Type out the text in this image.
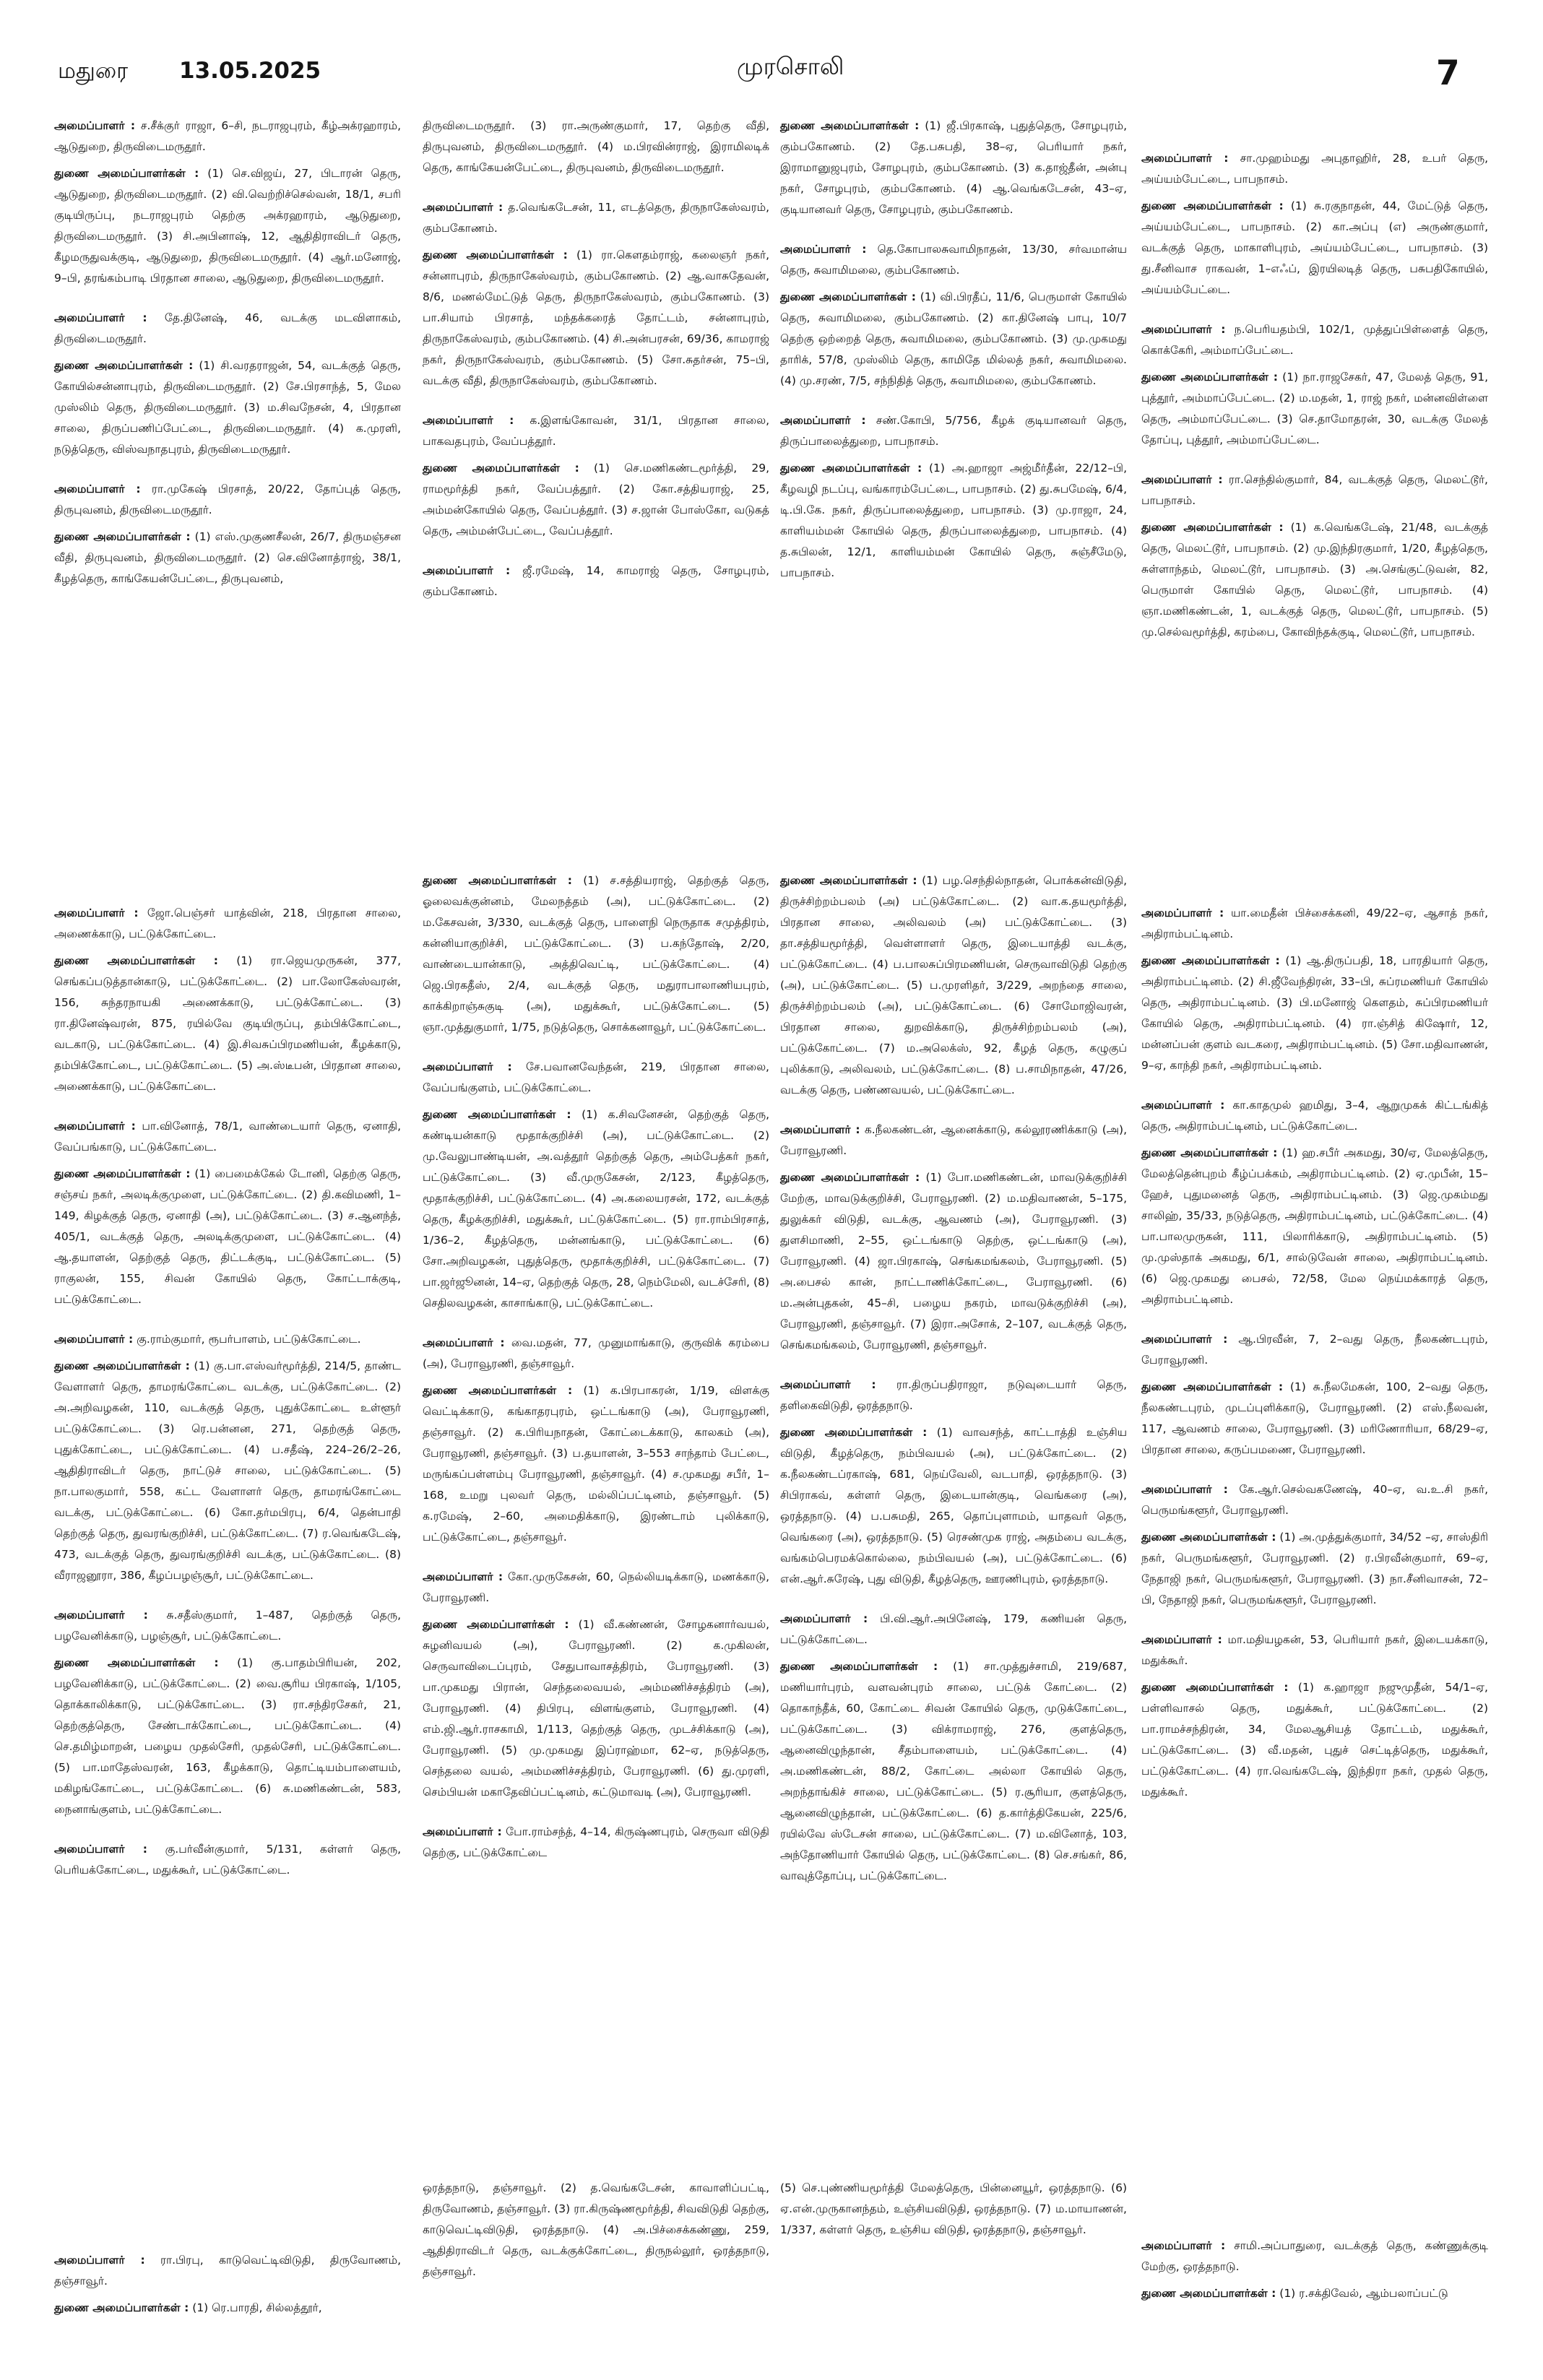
மதுரை 13.05.2025	முரசொலி	7

அமைப்பாளர் : ச.சீக்குர் ராஜா, 6–சி, நடராஜபுரம், கீழ்அக்ரஹாரம், ஆடுதுறை, திருவிடைமருதூர்.

துணை அமைப்பாளர்கள் : (1) செ.விஜய், 27, பிடாரன் தெரு, ஆடுதுறை, திருவிடைமருதூர். (2) வி.வெற்றிச்செல்வன், 18/1, சபரி குடியிருப்பு, நடராஜபுரம் தெற்கு அக்ரஹாரம், ஆடுதுறை, திருவிடைமருதூர். (3) சி.அபினாஷ், 12, ஆதிதிராவிடர் தெரு, கீழமருதுவக்குடி, ஆடுதுறை, திருவிடைமருதூர். (4) ஆர்.மனோஜ், 9–பி, தரங்கம்பாடி பிரதான சாலை, ஆடுதுறை, திருவிடைமருதூர்.

அமைப்பாளர் : தே.தினேஷ், 46, வடக்கு மடவிளாகம், திருவிடைமருதூர்.

துணை அமைப்பாளர்கள் : (1) சி.வரதராஜன், 54, வடக்குத் தெரு, கோயில்சன்னாபுரம், திருவிடைமருதூர். (2) சே.பிரசாந்த், 5, மேல முஸ்லிம் தெரு, திருவிடைமருதூர். (3) ம.சிவநேசன், 4, பிரதான சாலை, திருப்பணிப்பேட்டை, திருவிடைமருதூர். (4) க.முரளி, நடுத்தெரு, விஸ்வநாதபுரம், திருவிடைமருதூர்.

அமைப்பாளர் : ரா.முகேஷ் பிரசாத், 20/22, தோப்புத் தெரு, திருபுவனம், திருவிடைமருதூர்.

துணை அமைப்பாளர்கள் : (1) எஸ்.முகுணசீலன், 26/7, திருமஞ்சன வீதி, திருபுவனம், திருவிடைமருதூர். (2) செ.வினோத்ராஜ், 38/1, கீழத்தெரு, காங்கேயன்பேட்டை, திருபுவனம்,

திருவிடைமருதூர். (3) ரா.அருண்குமார், 17, தெற்கு வீதி, திருபுவனம், திருவிடைமருதூர். (4) ம.பிரவின்ராஜ், இராமிலடிக் தெரு, காங்கேயன்பேட்டை, திருபுவனம், திருவிடைமருதூர்.

அமைப்பாளர் : த.வெங்கடேசன், 11, எடத்தெரு, திருநாகேஸ்வரம், கும்பகோணம்.

துணை அமைப்பாளர்கள் : (1) ரா.கௌதம்ராஜ், கலைஞர் நகர், சன்னாபுரம், திருநாகேஸ்வரம், கும்பகோணம். (2) ஆ.வாசுதேவன், 8/6, மணல்மேட்டுத் தெரு, திருநாகேஸ்வரம், கும்பகோணம். (3) பா.சியாம் பிரசாத், மந்தக்கரைத் தோட்டம், சன்னாபுரம், திருநாகேஸ்வரம், கும்பகோணம். (4) சி.அன்பரசன், 69/36, காமராஜ் நகர், திருநாகேஸ்வரம், கும்பகோணம். (5) சோ.சுதர்சன், 75–பி, வடக்கு வீதி, திருநாகேஸ்வரம், கும்பகோணம்.

அமைப்பாளர் : க.இளங்கோவன், 31/1, பிரதான சாலை, பாகவதபுரம், வேப்பத்தூர்.

துணை அமைப்பாளர்கள் : (1) செ.மணிகண்டமூர்த்தி, 29, ராமமூர்த்தி நகர், வேப்பத்தூர். (2) கோ.சத்தியராஜ், 25, அம்மன்கோயில் தெரு, வேப்பத்தூர். (3) ச.ஜான் போஸ்கோ, வடுகத் தெரு, அம்மன்பேட்டை, வேப்பத்தூர்.

அமைப்பாளர் : ஜீ.ரமேஷ், 14, காமராஜ் தெரு, சோழபுரம், கும்பகோணம்.

துணை அமைப்பாளர்கள் : (1) ஜீ.பிரகாஷ், புதுத்தெரு, சோழபுரம், கும்பகோணம். (2) தே.பசுபதி, 38–ஏ, பெரியார் நகர், இராமானுஜபுரம், சோழபுரம், கும்பகோணம். (3) க.தாஜ்தீன், அன்பு நகர், சோழபுரம், கும்பகோணம். (4) ஆ.வெங்கடேசன், 43–ஏ, குடியானவர் தெரு, சோழபுரம், கும்பகோணம்.

அமைப்பாளர் : தெ.கோபாலசுவாமிநாதன், 13/30, சர்வமான்ய தெரு, சுவாமிமலை, கும்பகோணம்.

துணை அமைப்பாளர்கள் : (1) வி.பிரதீப், 11/6, பெருமாள் கோயில் தெரு, சுவாமிமலை, கும்பகோணம். (2) கா.தினேஷ் பாபு, 10/7 தெற்கு ஒற்றைத் தெரு, சுவாமிமலை, கும்பகோணம். (3) மு.முகமது தாரிக், 57/8, முஸ்லிம் தெரு, காமிதே மில்லத் நகர், சுவாமிமலை. (4) மு.சரண், 7/5, சந்நிதித் தெரு, சுவாமிமலை, கும்பகோணம்.

அமைப்பாளர் : சண்.கோபி, 5/756, கீழக் குடியானவர் தெரு, திருப்பாலைத்துறை, பாபநாசம்.

துணை அமைப்பாளர்கள் : (1) அ.ஹாஜா அஜ்மீர்தீன், 22/12–பி, கீழவழி நடப்பு, வங்காரம்பேட்டை, பாபநாசம். (2) து.சுபமேஷ், 6/4, டி.பி.கே. நகர், திருப்பாலைத்துறை, பாபநாசம். (3) மு.ராஜா, 24, காளியம்மன் கோயில் தெரு, திருப்பாலைத்துறை, பாபநாசம். (4) த.சுபிலன், 12/1, காளியம்மன் கோயில் தெரு, சுஞ்சீமேடு, பாபநாசம்.

அமைப்பாளர் : சா.முஹம்மது அபுதாஹிர், 28, உபர் தெரு, அய்யம்பேட்டை, பாபநாசம்.

துணை அமைப்பாளர்கள் : (1) சு.ரகுநாதன், 44, மேட்டுத் தெரு, அய்யம்பேட்டை, பாபநாசம். (2) கா.அப்பு (எ) அருண்குமார், வடக்குத் தெரு, மாகாளிபுரம், அய்யம்பேட்டை, பாபநாசம். (3) து.சீனிவாச ராகவன், 1–எஃப், இரயிலடித் தெரு, பசுபதிகோயில், அய்யம்பேட்டை.

அமைப்பாளர் : ந.பெரியதம்பி, 102/1, முத்துப்பிள்ளைத் தெரு, கொக்கேரி, அம்மாப்பேட்டை.

துணை அமைப்பாளர்கள் : (1) நா.ராஜசேகர், 47, மேலத் தெரு, 91, புத்தூர், அம்மாப்பேட்டை. (2) ம.மதன், 1, ராஜ் நகர், மன்னவிள்ளை தெரு, அம்மாப்பேட்டை. (3) செ.தாமோதரன், 30, வடக்கு மேலத் தோப்பு, புத்தூர், அம்மாப்பேட்டை.

அமைப்பாளர் : ரா.செந்தில்குமார், 84, வடக்குத் தெரு, மெலட்டூர், பாபநாசம்.

துணை அமைப்பாளர்கள் : (1) க.வெங்கடேஷ், 21/48, வடக்குத் தெரு, மெலட்டூர், பாபநாசம். (2) மு.இந்திரகுமார், 1/20, கீழத்தெரு, சுள்ளாந்தம், மெலட்டூர், பாபநாசம். (3) அ.செங்குட்டுவன், 82, பெருமாள் கோயில் தெரு, மெலட்டூர், பாபநாசம். (4) ஞா.மணிகண்டன், 1, வடக்குத் தெரு, மெலட்டூர், பாபநாசம். (5) மு.செல்வமூர்த்தி, கரம்பை, கோவிந்தக்குடி, மெலட்டூர், பாபநாசம்.

அமைப்பாளர் : ஜோ.பெஞ்சர் யாத்வின், 218, பிரதான சாலை, அணைக்காடு, பட்டுக்கோட்டை.

துணை அமைப்பாளர்கள் : (1) ரா.ஜெயமுருகன், 377, செங்கப்படுத்தான்காடு, பட்டுக்கோட்டை. (2) பா.லோகேஸ்வரன், 156, சுந்தரநாயகி அணைக்காடு, பட்டுக்கோட்டை. (3) ரா.தினேஷ்வரன், 875, ரயில்வே குடியிருப்பு, தம்பிக்கோட்டை, வடகாடு, பட்டுக்கோட்டை. (4) இ.சிவசுப்பிரமணியன், கீழக்காடு, தம்பிக்கோட்டை, பட்டுக்கோட்டை. (5) அ.ஸ்டீபன், பிரதான சாலை, அணைக்காடு, பட்டுக்கோட்டை.

அமைப்பாளர் : பா.வினோத், 78/1, வாண்டையார் தெரு, ஏனாதி, வேப்பங்காடு, பட்டுக்கோட்டை.

துணை அமைப்பாளர்கள் : (1) பைமைக்கேல் டோனி, தெற்கு தெரு, சஞ்சய் நகர், அலடிக்குமுளை, பட்டுக்கோட்டை. (2) தி.கவிமணி, 1–149, கிழக்குத் தெரு, ஏனாதி (அ), பட்டுக்கோட்டை. (3) ச.ஆனந்த், 405/1, வடக்குத் தெரு, அலடிக்குமுளை, பட்டுக்கோட்டை. (4) ஆ.தயாளன், தெற்குத் தெரு, திட்டக்குடி, பட்டுக்கோட்டை. (5) ராகுலன், 155, சிவன் கோயில் தெரு, கோட்டாக்குடி, பட்டுக்கோட்டை.

அமைப்பாளர் : கு.ராம்குமார், ரூபர்பாளம், பட்டுக்கோட்டை.

துணை அமைப்பாளர்கள் : (1) கு.பா.எஸ்வர்மூர்த்தி, 214/5, தாண்ட வேளாளர் தெரு, தாமரங்கோட்டை வடக்கு, பட்டுக்கோட்டை. (2) அ.அறிவழகன், 110, வடக்குத் தெரு, புதுக்கோட்டை உள்ளூர் பட்டுக்கோட்டை. (3) ரெ.பன்னன, 271, தெற்குத் தெரு, புதுக்கோட்டை, பட்டுக்கோட்டை. (4) ப.சதீஷ், 224–26/2–26, ஆதிதிராவிடர் தெரு, நாட்டுச் சாலை, பட்டுக்கோட்டை. (5) நா.பாலகுமார், 558, கட்ட வேளாளர் தெரு, தாமரங்கோட்டை வடக்கு, பட்டுக்கோட்டை. (6) கோ.தர்மபிரபு, 6/4, தென்பாதி தெற்குத் தெரு, துவரங்குறிச்சி, பட்டுக்கோட்டை. (7) ர.வெங்கடேஷ், 473, வடக்குத் தெரு, துவரங்குறிச்சி வடக்கு, பட்டுக்கோட்டை. (8) வீராஜனூரா, 386, கீழப்பழஞ்சூர், பட்டுக்கோட்டை.

அமைப்பாளர் : சு.சதீஸ்குமார், 1–487, தெற்குத் தெரு, பழவேனிக்காடு, பழஞ்சூர், பட்டுக்கோட்டை.

துணை அமைப்பாளர்கள் : (1) கு.பாதம்பிரியன், 202, பழவேனிக்காடு, பட்டுக்கோட்டை. (2) வை.சூரிய பிரகாஷ், 1/105, தொக்காலிக்காடு, பட்டுக்கோட்டை. (3) ரா.சந்திரசேகர், 21, தெற்குத்தெரு, சேண்டாக்கோட்டை, பட்டுக்கோட்டை. (4) செ.தமிழ்மாறன், பழைய முதல்சேரி, முதல்சேரி, பட்டுக்கோட்டை. (5) பா.மாதேஸ்வரன், 163, கீழக்காடு, தொட்டியம்பாளையம், மகிழங்கோட்டை, பட்டுக்கோட்டை. (6) சு.மணிகண்டன், 583, நைனாங்குளம், பட்டுக்கோட்டை.

அமைப்பாளர் : கு.பர்வீன்குமார், 5/131, கள்ளர் தெரு, பெரியக்கோட்டை, மதுக்கூர், பட்டுக்கோட்டை.

துணை அமைப்பாளர்கள் : (1) ச.சத்தியராஜ், தெற்குத் தெரு, ஓலைவக்குன்னம், மேலநத்தம் (அ), பட்டுக்கோட்டை. (2) ம.கேசவன், 3/330, வடக்குத் தெரு, பாளைநி நெருதாக சமுத்திரம், கன்னியாகுறிச்சி, பட்டுக்கோட்டை. (3) ப.கந்தோஷ், 2/20, வாண்டையான்காடு, அத்திவெட்டி, பட்டுக்கோட்டை. (4) ஜெ.பிரகதீஸ், 2/4, வடக்குத் தெரு, மதுராபாலாணியபுரம், காக்கிறாஞ்சுகுடி (அ), மதுக்கூர், பட்டுக்கோட்டை. (5) ஞா.முத்துகுமார், 1/75, நடுத்தெரு, சொக்கனாவூர், பட்டுக்கோட்டை.

அமைப்பாளர் : சே.பவானவேந்தன், 219, பிரதான சாலை, வேப்பங்குளம், பட்டுக்கோட்டை.

துணை அமைப்பாளர்கள் : (1) க.சிவனேசன், தெற்குத் தெரு, கண்டியன்காடு மூதாக்குறிச்சி (அ), பட்டுக்கோட்டை. (2) மு.வேலுபாண்டியன், அ.வத்தூர் தெற்குத் தெரு, அம்பேத்கர் நகர், பட்டுக்கோட்டை. (3) வீ.முருகேசன், 2/123, கீழத்தெரு, மூதாக்குறிச்சி, பட்டுக்கோட்டை. (4) அ.கலையரசன், 172, வடக்குத் தெரு, கீழக்குறிச்சி, மதுக்கூர், பட்டுக்கோட்டை. (5) ரா.ராம்பிரசாத், 1/36–2, கீழத்தெரு, மன்னங்காடு, பட்டுக்கோட்டை. (6) சோ.அறிவழகன், புதுத்தெரு, மூதாக்குறிச்சி, பட்டுக்கோட்டை. (7) பா.ஜர்ஜூனன், 14–ஏ, தெற்குத் தெரு, 28, நெம்மேலி, வடச்சேரி, (8) செதிலவழகன், காசாங்காடு, பட்டுக்கோட்டை.

அமைப்பாளர் : வை.மதன், 77, முனுமாங்காடு, குருவிக் கரம்பை (அ), பேராவூரணி, தஞ்சாவூர்.

துணை அமைப்பாளர்கள் : (1) க.பிரபாகரன், 1/19, விளக்கு வெட்டிக்காடு, கங்காதரபுரம், ஒட்டங்காடு (அ), பேராவூரணி, தஞ்சாவூர். (2) க.பிரியநாதன், கோட்டைக்காடு, காலகம் (அ), பேராவூரணி, தஞ்சாவூர். (3) ப.தயாளன், 3–553 சாந்தாம் பேட்டை, மருங்கப்பள்ளம்பு பேராவூரணி, தஞ்சாவூர். (4) ச.முகமது சபீர், 1–168, உமறு புலவர் தெரு, மல்லிப்பட்டினம், தஞ்சாவூர். (5) க.ரமேஷ், 2–60, அமைதிக்காடு, இரண்டாம் புலிக்காடு, பட்டுக்கோட்டை, தஞ்சாவூர்.

அமைப்பாளர் : கோ.முருகேசன், 60, நெல்லியடிக்காடு, மணக்காடு, பேராவூரணி.

துணை அமைப்பாளர்கள் : (1) வீ.கண்ணன், சோழகனார்வயல், சுழனிவயல் (அ), பேராவூரணி. (2) க.முகிலன், செருவாவிடைப்புரம், சேதுபாவாசத்திரம், பேராவூரணி. (3) பா.முகமது பிரான், செந்தலைவயல், அம்மணிச்சத்திரம் (அ), பேராவூரணி. (4) திபிரபு, விளங்குளம், பேராவூரணி. (4) எம்.ஜி.ஆர்.ராசகாமி, 1/113, தெற்குத் தெரு, முடச்சிக்காடு (அ), பேராவூரணி. (5) மு.முகமது இப்ராஹ்மா, 62–ஏ, நடுத்தெரு, செந்தலை வயல், அம்மணிச்சத்திரம், பேராவூரணி. (6) து.முரளி, செம்பியன் மகாதேவிப்பட்டினம், கட்டுமாவடி (அ), பேராவூரணி.

அமைப்பாளர் : போ.ராம்சந்த், 4–14, கிருஷ்ணபுரம், செருவா விடுதி தெற்கு, பட்டுக்கோட்டை

துணை அமைப்பாளர்கள் : (1) பழ.செந்தில்நாதன், பொக்கன்விடுதி, திருச்சிற்றம்பலம் (அ) பட்டுக்கோட்டை. (2) வா.க.தயமூர்த்தி, பிரதான சாலை, அலிவலம் (அ) பட்டுக்கோட்டை. (3) தா.சத்தியமூர்த்தி, வெள்ளாளர் தெரு, இடையாத்தி வடக்கு, பட்டுக்கோட்டை. (4) ப.பாலசுப்பிரமணியன், செருவாவிடுதி தெற்கு (அ), பட்டுக்கோட்டை. (5) ப.முரளிதர், 3/229, அறந்தை சாலை, திருச்சிற்றம்பலம் (அ), பட்டுக்கோட்டை. (6) சோமோஜிவரன், பிரதான சாலை, துறவிக்காடு, திருச்சிற்றம்பலம் (அ), பட்டுக்கோட்டை. (7) ம.அலெக்ஸ், 92, கீழத் தெரு, கழுகுப் புலிக்காடு, அலிவலம், பட்டுக்கோட்டை. (8) ப.சாமிநாதன், 47/26, வடக்கு தெரு, பண்ணவயல், பட்டுக்கோட்டை.

அமைப்பாளர் : க.நீலகண்டன், ஆனைக்காடு, கல்லூரணிக்காடு (அ), பேராவூரணி.

துணை அமைப்பாளர்கள் : (1) போ.மணிகண்டன், மாவடுக்குறிச்சி மேற்கு, மாவடுக்குறிச்சி, பேராவூரணி. (2) ம.மதிவாணன், 5–175, துலுக்கர் விடுதி, வடக்கு, ஆவணம் (அ), பேராவூரணி. (3) துளசிமாணி, 2–55, ஒட்டங்காடு தெற்கு, ஒட்டங்காடு (அ), பேராவூரணி. (4) ஜா.பிரகாஷ், செங்கமங்கலம், பேராவூரணி. (5) அ.பைசல் கான், நாட்டாணிக்கோட்டை, பேராவூரணி. (6) ம.அன்புதகன், 45–சி, பழைய நகரம், மாவடுக்குறிச்சி (அ), பேராவூரணி, தஞ்சாவூர். (7) இரா.அசோக், 2–107, வடக்குத் தெரு, செங்கமங்கலம், பேராவூரணி, தஞ்சாவூர்.

அமைப்பாளர் : ரா.திருப்பதிராஜா, நடுவுடையார் தெரு, தளிகைவிடுதி, ஒரத்தநாடு.

துணை அமைப்பாளர்கள் : (1) வாவசந்த், காட்டாத்தி உஞ்சிய விடுதி, கீழத்தெரு, நம்பிவயல் (அ), பட்டுக்கோட்டை. (2) க.நீலகண்டப்ரகாஷ், 681, நெய்வேலி, வடபாதி, ஒரத்தநாடு. (3) சிபிராகவ், கள்ளர் தெரு, இடையான்குடி, வெங்கரை (அ), ஒரத்தநாடு. (4) ப.பசுமதி, 265, தொப்புளாமம், யாதவர் தெரு, வெங்கரை (அ), ஒரத்தநாடு. (5) ரெசண்முக ராஜ், அதம்பை வடக்கு, வங்கம்பெரமக்கொல்லை, நம்பிவயல் (அ), பட்டுக்கோட்டை. (6) என்.ஆர்.சுரேஷ், புது விடுதி, கீழத்தெரு, ஊரணிபுரம், ஒரத்தநாடு.

அமைப்பாளர் : பி.வி.ஆர்.அபினேஷ், 179, கணியன் தெரு, பட்டுக்கோட்டை.

துணை அமைப்பாளர்கள் : (1) சா.முத்துச்சாமி, 219/687, மணியார்புரம், வளவன்புரம் சாலை, பட்டுக் கோட்டை. (2) தொகாந்தீக், 60, கோட்டை சிவன் கோயில் தெரு, முடுக்கோட்டை, பட்டுக்கோட்டை. (3) விக்ராமராஜ், 276, குளத்தெரு, ஆனைவிழுந்தான், சீதம்பாளையம், பட்டுக்கோட்டை. (4) அ.மணிகண்டன், 88/2, கோட்டை அல்லா கோயில் தெரு, அறந்தாங்கிச் சாலை, பட்டுக்கோட்டை. (5) ர.சூரியா, குளத்தெரு, ஆனைவிழுந்தான், பட்டுக்கோட்டை. (6) த.கார்த்திகேயன், 225/6, ரயில்வே ஸ்டேசன் சாலை, பட்டுக்கோட்டை. (7) ம.வினோத், 103, அந்தோணியார் கோயில் தெரு, பட்டுக்கோட்டை. (8) செ.சங்கர், 86, வாவுத்தோப்பு, பட்டுக்கோட்டை.

அமைப்பாளர் : யா.மைதீன் பிச்சைக்கனி, 49/22–ஏ, ஆசாத் நகர், அதிராம்பட்டினம்.

துணை அமைப்பாளர்கள் : (1) ஆ.திருப்பதி, 18, பாரதியார் தெரு, அதிராம்பட்டினம். (2) சி.ஜீவேந்திரன், 33–பி, சுப்ரமணியர் கோயில் தெரு, அதிராம்பட்டினம். (3) பி.மனோஜ் கௌதம், சுப்பிரமணியர் கோயில் தெரு, அதிராம்பட்டினம். (4) ரா.ஞ்சித் கிஷோர், 12, மன்னப்பன் குளம் வடகரை, அதிராம்பட்டினம். (5) சோ.மதிவாணன், 9–ஏ, காந்தி நகர், அதிராம்பட்டினம்.

அமைப்பாளர் : கா.காதமுல் ஹமிது, 3–4, ஆறுமுகக் கிட்டங்கித் தெரு, அதிராம்பட்டினம், பட்டுக்கோட்டை.

துணை அமைப்பாளர்கள் : (1) ஹ.சபீர் அகமது, 30/ஏ, மேலத்தெரு, மேலத்தென்புறம் கீழ்ப்பக்கம், அதிராம்பட்டினம். (2) ஏ.முபீன், 15–ஹேச், புதுமனைத் தெரு, அதிராம்பட்டினம். (3) ஜெ.முகம்மது சாலிஹ், 35/33, நடுத்தெரு, அதிராம்பட்டினம், பட்டுக்கோட்டை. (4) பா.பாலமுருகன், 111, பிலாரிக்காடு, அதிராம்பட்டினம். (5) மு.முஸ்தாக் அகமது, 6/1, சால்டுவேன் சாலை, அதிராம்பட்டினம். (6) ஜெ.முகமது பைசல், 72/58, மேல நெய்மக்காரத் தெரு, அதிராம்பட்டினம்.

அமைப்பாளர் : ஆ.பிரவீன், 7, 2–வது தெரு, நீலகண்டபுரம், பேராவூரணி.

துணை அமைப்பாளர்கள் : (1) சு.நீலமேகன், 100, 2–வது தெரு, நீலகண்டபுரம், முடப்புளிக்காடு, பேராவூரணி. (2) எஸ்.நீலவன், 117, ஆவணம் சாலை, பேராவூரணி. (3) மரிணோரியா, 68/29–ஏ, பிரதான சாலை, கருப்பமணை, பேராவூரணி.

அமைப்பாளர் : கே.ஆர்.செல்வகணேஷ், 40–ஏ, வ.உ.சி நகர், பெருமங்களூர், பேராவூரணி.

துணை அமைப்பாளர்கள் : (1) அ.முத்துக்குமார், 34/52 –ஏ, சாஸ்திரி நகர், பெருமங்களூர், பேராவூரணி. (2) ர.பிரவீன்குமார், 69–ஏ, நேதாஜி நகர், பெருமங்களூர், பேராவூரணி. (3) நா.சீனிவாசன், 72–பி, நேதாஜி நகர், பெருமங்களூர், பேராவூரணி.

அமைப்பாளர் : மா.மதியழகன், 53, பெரியார் நகர், இடையக்காடு, மதுக்கூர்.

துணை அமைப்பாளர்கள் : (1) க.ஹாஜா நஜுமுதீன், 54/1–ஏ, பள்ளிவாசல் தெரு, மதுக்கூர், பட்டுக்கோட்டை. (2) பா.ராமச்சந்திரன், 34, மேலஆசியத் தோட்டம், மதுக்கூர், பட்டுக்கோட்டை. (3) வீ.மதன், புதுச் செட்டித்தெரு, மதுக்கூர், பட்டுக்கோட்டை. (4) ரா.வெங்கடேஷ், இந்திரா நகர், முதல் தெரு, மதுக்கூர்.

அமைப்பாளர் : ரா.பிரபு, காடுவெட்டிவிடுதி, திருவோணம், தஞ்சாவூர்.

துணை அமைப்பாளர்கள் : (1) ரெ.பாரதி, சில்லத்தூர்,

ஒரத்தநாடு, தஞ்சாவூர். (2) த.வெங்கடேசன், காவாளிப்பட்டி, திருவோணம், தஞ்சாவூர். (3) ரா.கிருஷ்ணமூர்த்தி, சிவவிடுதி தெற்கு, காடுவெட்டிவிடுதி, ஒரத்தநாடு. (4) அ.பிச்சைக்கண்ணு, 259, ஆதிதிராவிடர் தெரு, வடக்குக்கோட்டை, திருநல்லூர், ஒரத்தநாடு, தஞ்சாவூர்.

(5) செ.புண்ணியமூர்த்தி மேலத்தெரு, பின்னையூர், ஒரத்தநாடு. (6) ஏ.என்.முருகானந்தம், உஞ்சியவிடுதி, ஒரத்தநாடு. (7) ம.மாயாணன், 1/337, கள்ளர் தெரு, உஞ்சிய விடுதி, ஒரத்தநாடு, தஞ்சாவூர்.

அமைப்பாளர் : சாமி.அப்பாதுரை, வடக்குத் தெரு, கண்ணுக்குடி மேற்கு, ஒரத்தநாடு.

துணை அமைப்பாளர்கள் : (1) ர.சக்திவேல், ஆம்பலாப்பட்டு
